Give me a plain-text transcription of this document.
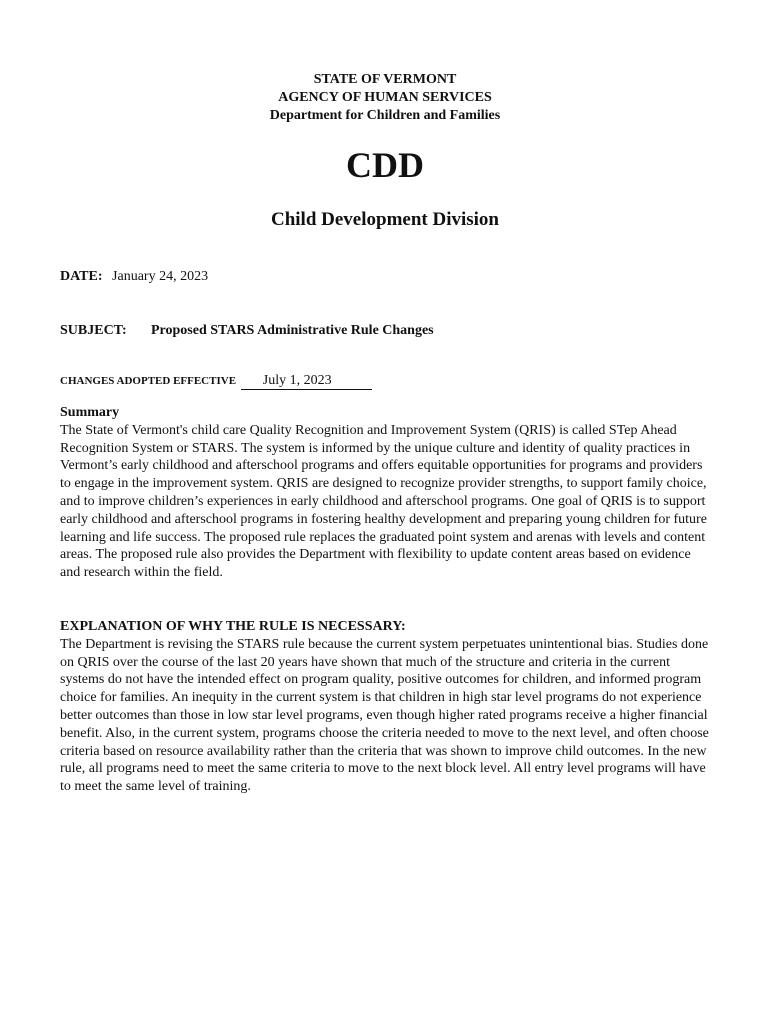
STATE OF VERMONT
AGENCY OF HUMAN SERVICES
Department for Children and Families
CDD
Child Development Division
DATE: January 24, 2023
SUBJECT: Proposed STARS Administrative Rule Changes
CHANGES ADOPTED EFFECTIVE July 1, 2023
Summary

The State of Vermont's child care Quality Recognition and Improvement System (QRIS) is called STep Ahead Recognition System or STARS. The system is informed by the unique culture and identity of quality practices in Vermont’s early childhood and afterschool programs and offers equitable opportunities for programs and providers to engage in the improvement system. QRIS are designed to recognize provider strengths, to support family choice, and to improve children’s experiences in early childhood and afterschool programs. One goal of QRIS is to support early childhood and afterschool programs in fostering healthy development and preparing young children for future learning and life success. The proposed rule replaces the graduated point system and arenas with levels and content areas. The proposed rule also provides the Department with flexibility to update content areas based on evidence and research within the field.

EXPLANATION OF WHY THE RULE IS NECESSARY:

The Department is revising the STARS rule because the current system perpetuates unintentional bias. Studies done on QRIS over the course of the last 20 years have shown that much of the structure and criteria in the current systems do not have the intended effect on program quality, positive outcomes for children, and informed program choice for families. An inequity in the current system is that children in high star level programs do not experience better outcomes than those in low star level programs, even though higher rated programs receive a higher financial benefit. Also, in the current system, programs choose the criteria needed to move to the next level, and often choose criteria based on resource availability rather than the criteria that was shown to improve child outcomes. In the new rule, all programs need to meet the same criteria to move to the next block level. All entry level programs will have to meet the same level of training.
